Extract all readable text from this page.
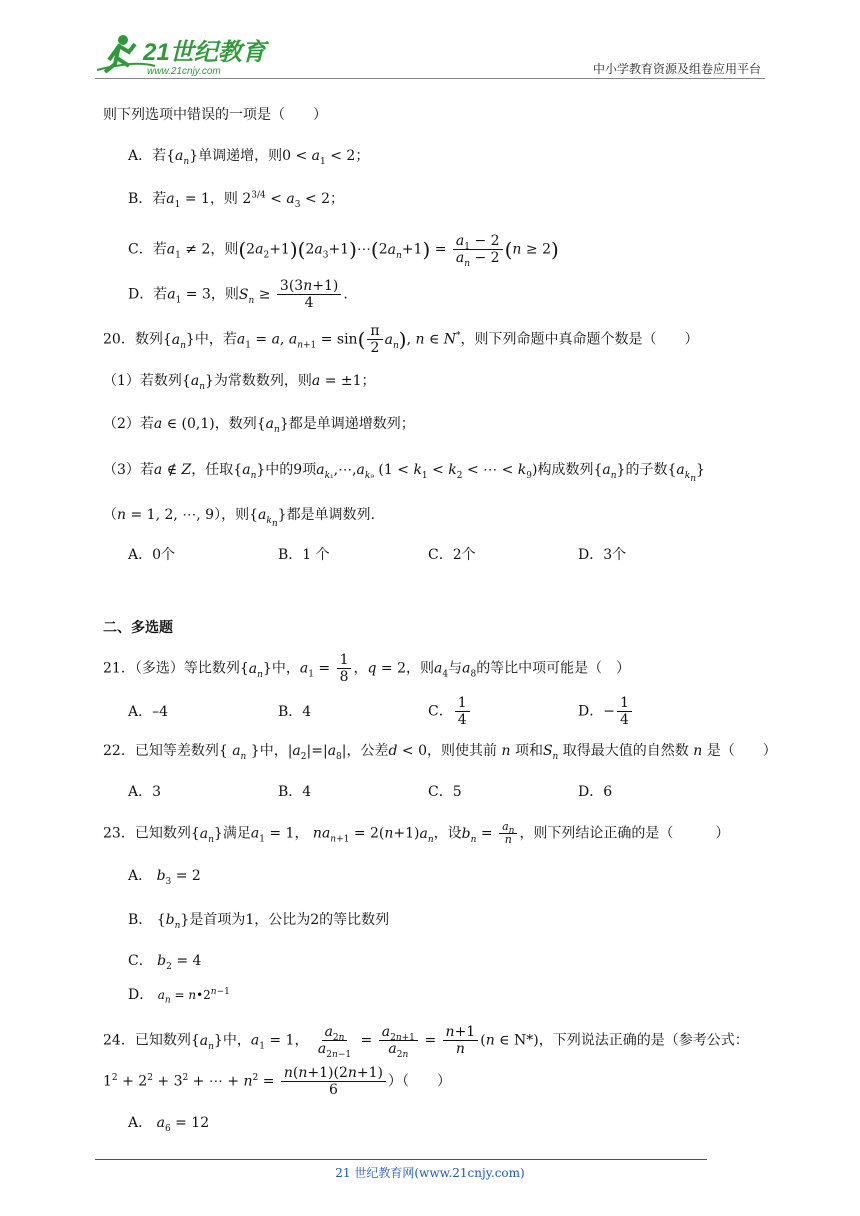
21世纪教育
www.21cnjy.com	中小学教育资源及组卷应用平台
则下列选项中错误的一项是（　　）
A．若$\{a_n\}$单调递增，则$0 < a_1 < 2$；
B．若$a_1 = 1$，则 $2^{3/4} < a_3 < 2$；
C．若$a_1 \ne 2$，则$(2a_2+1)(2a_3+1)\cdots(2a_n+1) = \frac{a_1 - 2}{a_n - 2} (n \ge 2)$
D．若$a_1 = 3$，则$S_n \ge \frac{3(3n+1)}{4}$ .
20．数列$\{a_n\}$中，若$a_1 = a$, $a_{n+1} = \sin( \frac{\pi}{2} a_n)$, n ∈ N*，则下列命题中真命题个数是（　　）
（1）若数列$\{a_n\}$为常数数列，则a = ±1；
（2）若a ∈ (0,1)，数列$\{a_n\}$都是单调递增数列；
（3）若a ∉ Z，任取$\{a_n\}$中的9项$a_{k_1},\cdots,a_{k_9}$ ($1 < k_1 < k_2$ < ⋯ < $k_9$)构成数列$\{a_n\}$的子数$\{a_{k_n}\}$
（n = 1, 2, ⋯, 9），则$\{a_{k_n}\}$都是单调数列.
A．0个	B．1 个	C．2个	D．3个
二、多选题
21．（多选）等比数列$\{a_n\}$中，$a_1 = \frac{1}{8}$ ，q = 2，则$a_4$与$a_8$的等比中项可能是（　）
A．–4	B．4	C． $\frac{1}{4}$	D．− $\frac{1}{4}$
22．已知等差数列{ $a_n$ }中，$|a_2|=|a_8|$，公差d < 0，则使其前 n 项和$S_n$ 取得最大值的自然数 n 是（　　）
A．3	B．4	C．5	D．6
23．已知数列$\{a_n\}$满足$a_1 = 1$， $na_{n+1} = 2(n+1)a_n$，设$b_n = \frac{a_n}{n}$ ，则下列结论正确的是（　　　）
A． $b_3 = 2$
B． $\{b_n\}$是首项为1，公比为2的等比数列
C． $b_2 = 4$
D． $a_n$ = $n•2^{n-1}$
24．已知数列$\{a_n\}$中，$a_1 = 1$， $\frac{a_{2n}}{a_{2n-1}} = \frac{a_{2n+1}}{a_{2n}} = \frac{n+1}{n} (n$ ∈ N*)，下列说法正确的是（参考公式：
$1^2 + 2^2 + 3^2$ + ⋯ + $n^2 = \frac{n(n+1)(2n+1)}{6}$ ）（　　）
A． $a_6 = 12$
21 世纪教育网(www.21cnjy.com)
